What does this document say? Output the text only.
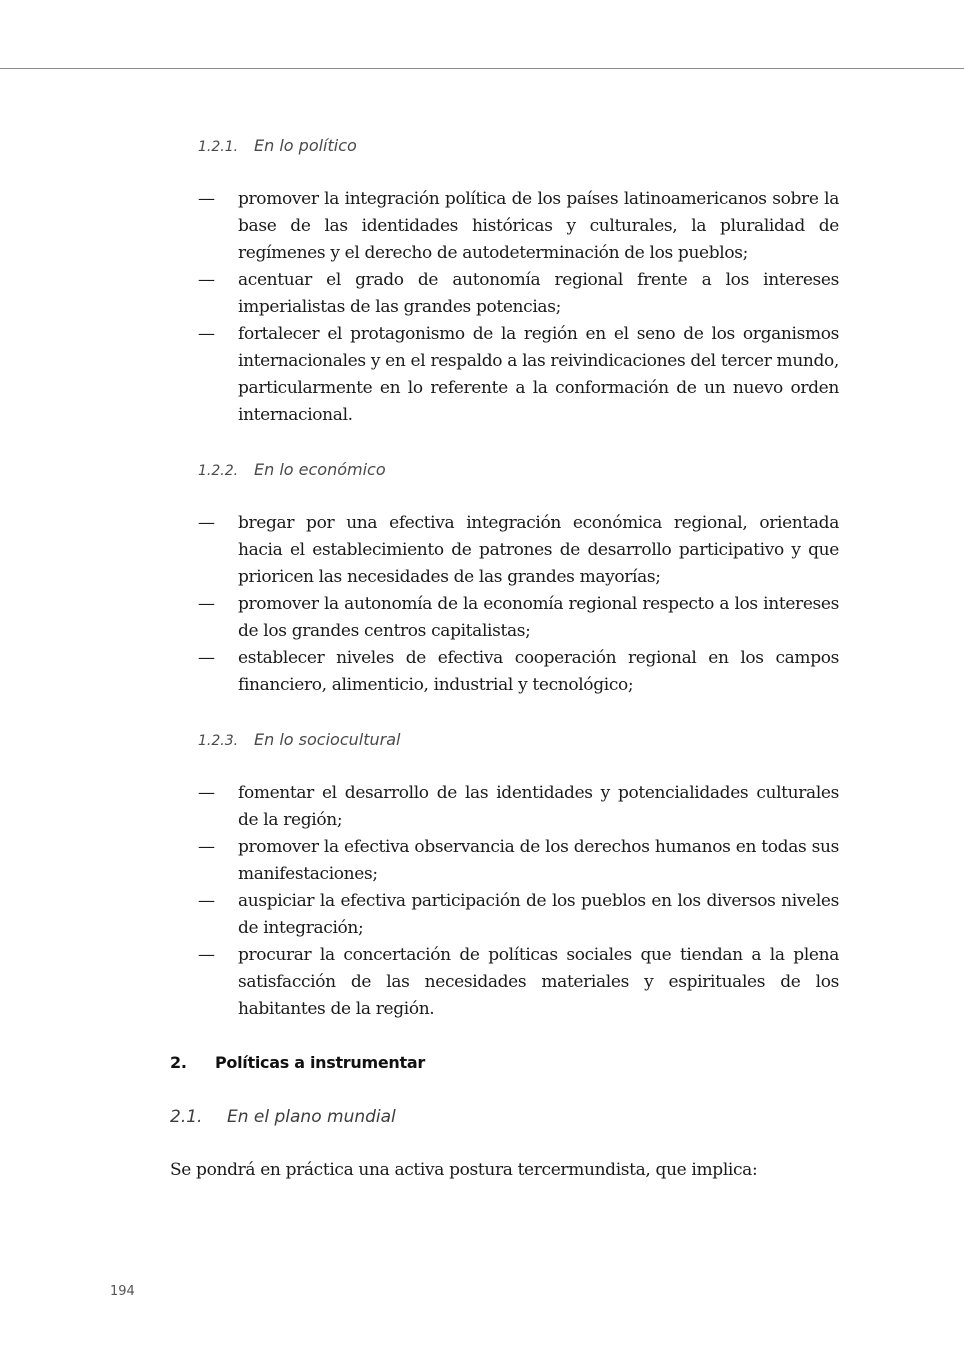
1.2.1. En lo político
— promover la integración política de los países latinoamericanos sobre la base de las identidades históricas y culturales, la pluralidad de regímenes y el derecho de autodeterminación de los pueblos;
— acentuar el grado de autonomía regional frente a los intereses imperialistas de las grandes potencias;
— fortalecer el protagonismo de la región en el seno de los organismos internacionales y en el respaldo a las reivindicaciones del tercer mundo, particularmente en lo referente a la conformación de un nuevo orden internacional.
1.2.2. En lo económico
— bregar por una efectiva integración económica regional, orientada hacia el establecimiento de patrones de desarrollo participativo y que prioricen las necesidades de las grandes mayorías;
— promover la autonomía de la economía regional respecto a los intereses de los grandes centros capitalistas;
— establecer niveles de efectiva cooperación regional en los campos financiero, alimenticio, industrial y tecnológico;
1.2.3. En lo sociocultural
— fomentar el desarrollo de las identidades y potencialidades culturales de la región;
— promover la efectiva observancia de los derechos humanos en todas sus manifestaciones;
— auspiciar la efectiva participación de los pueblos en los diversos niveles de integración;
— procurar la concertación de políticas sociales que tiendan a la plena satisfacción de las necesidades materiales y espirituales de los habitantes de la región.
2. Políticas a instrumentar
2.1. En el plano mundial
Se pondrá en práctica una activa postura tercermundista, que implica:
194
